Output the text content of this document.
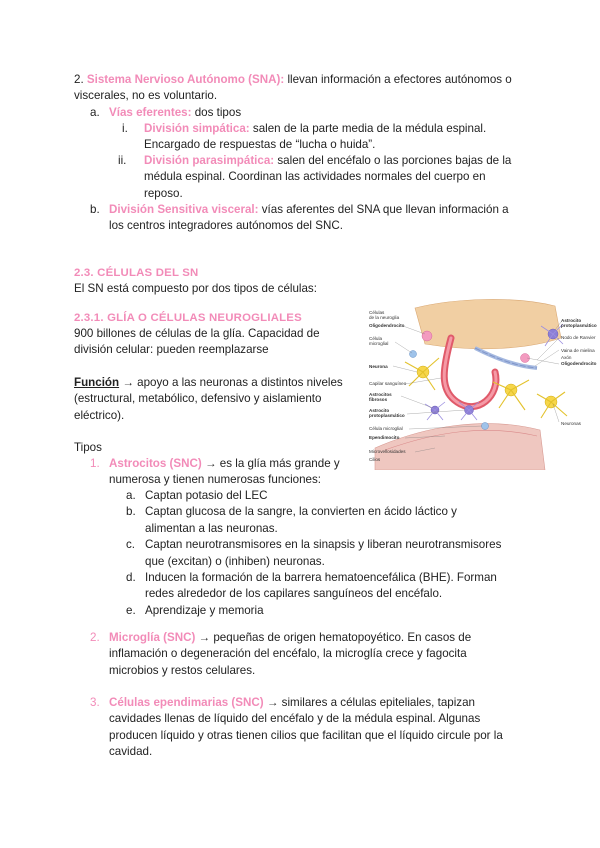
2. Sistema Nervioso Autónomo (SNA): llevan información a efectores autónomos o
viscerales, no es voluntario.
a. Vías eferentes: dos tipos
i. División simpática: salen de la parte media de la médula espinal.
Encargado de respuestas de “lucha o huida”.
ii. División parasimpática: salen del encéfalo o las porciones bajas de la
médula espinal. Coordinan las actividades normales del cuerpo en
reposo.
b. División Sensitiva visceral: vías aferentes del SNA que llevan información a
los centros integradores autónomos del SNC.
2.3. CÉLULAS DEL SN
El SN está compuesto por dos tipos de células:
2.3.1. GLÍA O CÉLULAS NEUROGLIALES
900 billones de células de la glía. Capacidad de
división celular: pueden reemplazarse
Función → apoyo a las neuronas a distintos niveles
(estructural, metabólico, defensivo y aislamiento
eléctrico).
Tipos
1. Astrocitos (SNC) → es la glía más grande y
numerosa y tienen numerosas funciones:
a. Captan potasio del LEC
b. Captan glucosa de la sangre, la convierten en ácido láctico y
alimentan a las neuronas.
c. Captan neurotransmisores en la sinapsis y liberan neurotransmisores
que (excitan) o (inhiben) neuronas.
d. Inducen la formación de la barrera hematoencefálica (BHE). Forman
redes alrededor de los capilares sanguíneos del encéfalo.
e. Aprendizaje y memoria
2. Microglía (SNC) → pequeñas de origen hematopoyético. En casos de
inflamación o degeneración del encéfalo, la microglía crece y fagocita
microbios y restos celulares.
3. Células ependimarias (SNC) → similares a células epiteliales, tapizan
cavidades llenas de líquido del encéfalo y de la médula espinal. Algunas
producen líquido y otras tienen cilios que facilitan que el líquido circule por la
cavidad.
Células
de la neuroglia
Oligodendrocito
Célula
microglial
Neurona
Capilar sanguíneo
Astrocitos
fibrosos
Astrocito
protoplasmático
Célula microglial
Ependimocito
Microvellosidades
Cilios
Astrocito
protoplasmático
Nodo de Ranvier
Vaina de mielina
Axón
Oligodendrocito
Neuronas
